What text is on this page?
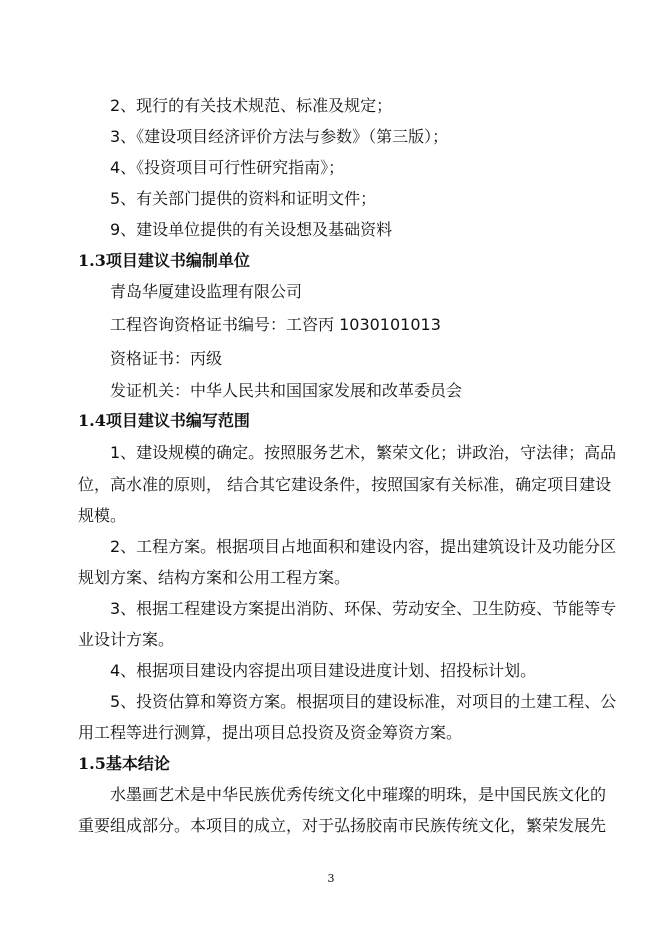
2、现行的有关技术规范、标准及规定；
3、《建设项目经济评价方法与参数》（第三版）；
4、《投资项目可行性研究指南》；
5、有关部门提供的资料和证明文件；
9、建设单位提供的有关设想及基础资料
1.3项目建议书编制单位
青岛华厦建设监理有限公司
工程咨询资格证书编号：工咨丙 1030101013
资格证书：丙级
发证机关：中华人民共和国国家发展和改革委员会
1.4项目建议书编写范围
1、建设规模的确定。按照服务艺术，繁荣文化；讲政治，守法律；高品
位，高水准的原则， 结合其它建设条件，按照国家有关标准，确定项目建设
规模。
2、工程方案。根据项目占地面积和建设内容，提出建筑设计及功能分区
规划方案、结构方案和公用工程方案。
3、根据工程建设方案提出消防、环保、劳动安全、卫生防疫、节能等专
业设计方案。
4、根据项目建设内容提出项目建设进度计划、招投标计划。
5、投资估算和筹资方案。根据项目的建设标准，对项目的土建工程、公
用工程等进行测算，提出项目总投资及资金筹资方案。
1.5基本结论
水墨画艺术是中华民族优秀传统文化中璀璨的明珠，是中国民族文化的
重要组成部分。本项目的成立，对于弘扬胶南市民族传统文化，繁荣发展先
3
